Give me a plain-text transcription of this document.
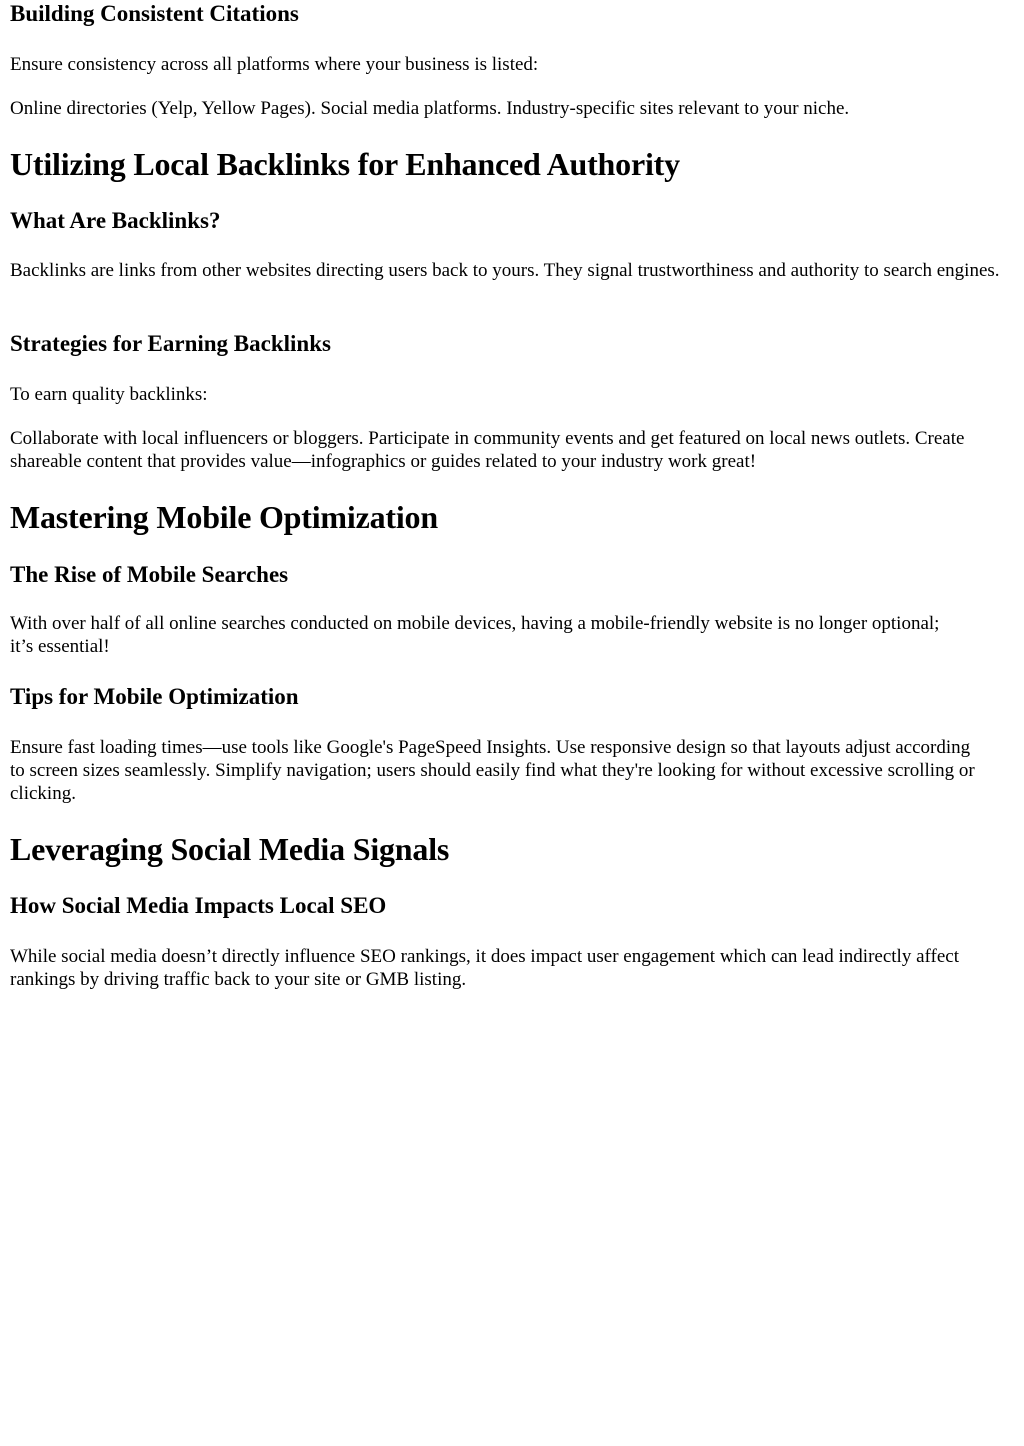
Building Consistent Citations

Ensure consistency across all platforms where your business is listed:

Online directories (Yelp, Yellow Pages). Social media platforms. Industry-specific sites relevant to your niche.

Utilizing Local Backlinks for Enhanced Authority
What Are Backlinks?

Backlinks are links from other websites directing users back to yours. They signal trustworthiness and authority to search engines.

Strategies for Earning Backlinks

To earn quality backlinks:

Collaborate with local influencers or bloggers. Participate in community events and get featured on local news outlets. Create shareable content that provides value—infographics or guides related to your industry work great!

Mastering Mobile Optimization
The Rise of Mobile Searches

With over half of all online searches conducted on mobile devices, having a mobile-friendly website is no longer optional; it’s essential!

Tips for Mobile Optimization

Ensure fast loading times—use tools like Google's PageSpeed Insights. Use responsive design so that layouts adjust according to screen sizes seamlessly. Simplify navigation; users should easily find what they're looking for without excessive scrolling or clicking.

Leveraging Social Media Signals
How Social Media Impacts Local SEO

While social media doesn’t directly influence SEO rankings, it does impact user engagement which can lead indirectly affect rankings by driving traffic back to your site or GMB listing.
